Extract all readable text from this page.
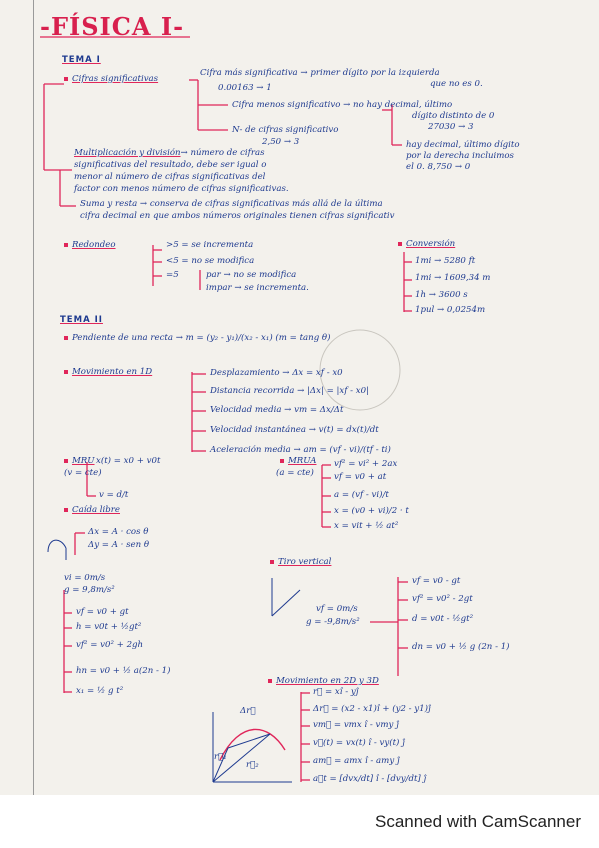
-FÍSICA I-
TEMA I
Cifras significativas
Cifra más significativa → primer dígito por la izquierda
que no es 0.
0.00163 → 1
Cifra menos significativo → no hay decimal, último
dígito distinto de 0
27030 → 3
N- de cifras significativo
2,50 → 3	hay decimal, último dígito
por la derecha incluimos
el 0. 8,750 → 0
Multiplicación y división→ número de cifras
significativas del resultado, debe ser igual o
menor al número de cifras significativas del
factor con menos número de cifras significativas.
Suma y resta → conserva de cifras significativas más allá de la última
cifra decimal en que ambos números originales tienen cifras significativ
Redondeo	>5 = se incrementa
<5 = no se modifica
=5	par → no se modifica
impar → se incrementa.
Conversión
1mi → 5280 ft
1mi → 1609,34 m
1h → 3600 s
1pul → 0,0254m
TEMA II
Pendiente de una recta → m = (y₂ - y₁)/(x₂ - x₁) (m = tang θ)
Movimiento en 1D	Desplazamiento → Δx = xf - x0
Distancia recorrida → |Δx| = |xf - x0|
Velocidad media → vm = Δx/Δt
Velocidad instantánea → v(t) = dx(t)/dt
Aceleración media → am = (vf - vi)/(tf - ti)
MRU
(v = cte)
x(t) = x0 + v0t
v = d/t
MRUA
(a = cte)
vf² = vi² + 2ax
vf = v0 + at
a = (vf - vi)/t
x = (v0 + vi)/2 · t
x = vit + ½ at²
Caída libre
Δx = A · cos θ
Δy = A · sen θ
vi = 0m/s
g = 9,8m/s²
vf = v0 + gt
h = v0t + ½gt²
vf² = v0² + 2gh
hn = v0 + ½ a(2n - 1)
x₁ = ½ g t²
Tiro vertical
vf = 0m/s
g = -9,8m/s²
vf = v0 - gt
vf² = v0² - 2gt
d = v0t - ½gt²
dn = v0 + ½ g (2n - 1)
Movimiento en 2D y 3D
r⃗ = xî - yĵ
Δr⃗ = (x2 - x1)î + (y2 - y1)ĵ
vm⃗ = vmx î - vmy ĵ
v⃗(t) = vx(t) î - vy(t) ĵ
am⃗ = amx î - amy ĵ
a⃗t = [dvx/dt] î - [dvy/dt] ĵ
Δr⃗
r⃗₁
r⃗₂
Scanned with CamScanner
